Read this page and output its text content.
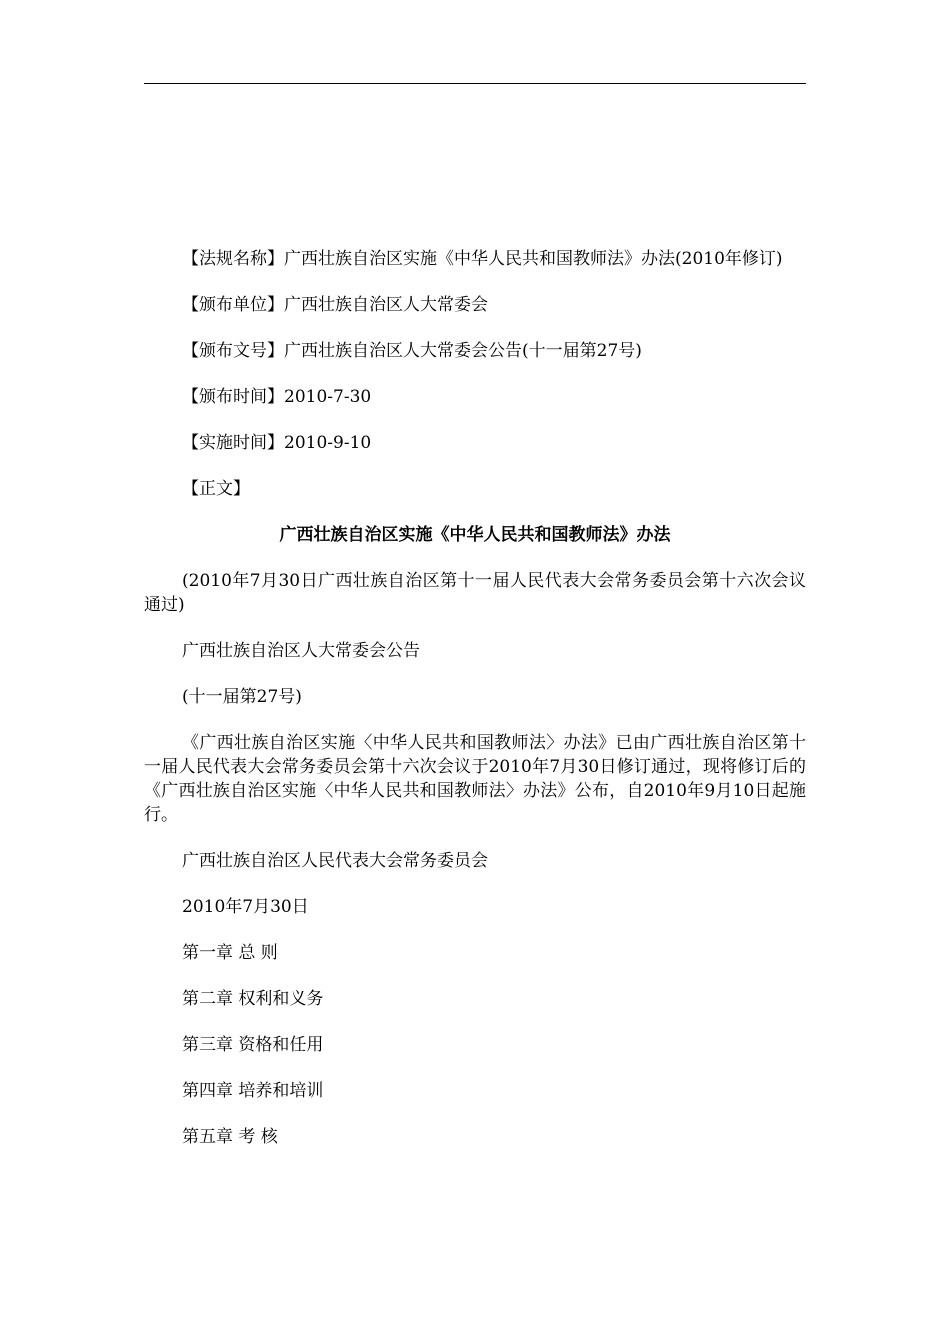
【法规名称】广西壮族自治区实施《中华人民共和国教师法》办法(2010年修订)

【颁布单位】广西壮族自治区人大常委会

【颁布文号】广西壮族自治区人大常委会公告(十一届第27号)

【颁布时间】2010-7-30

【实施时间】2010-9-10

【正文】

广西壮族自治区实施《中华人民共和国教师法》办法

(2010年7月30日广西壮族自治区第十一届人民代表大会常务委员会第十六次会议通过)

广西壮族自治区人大常委会公告

(十一届第27号)

《广西壮族自治区实施〈中华人民共和国教师法〉办法》已由广西壮族自治区第十一届人民代表大会常务委员会第十六次会议于2010年7月30日修订通过，现将修订后的《广西壮族自治区实施〈中华人民共和国教师法〉办法》公布，自2010年9月10日起施行。

广西壮族自治区人民代表大会常务委员会

2010年7月30日

第一章 总 则

第二章 权利和义务

第三章 资格和任用

第四章 培养和培训

第五章 考 核
